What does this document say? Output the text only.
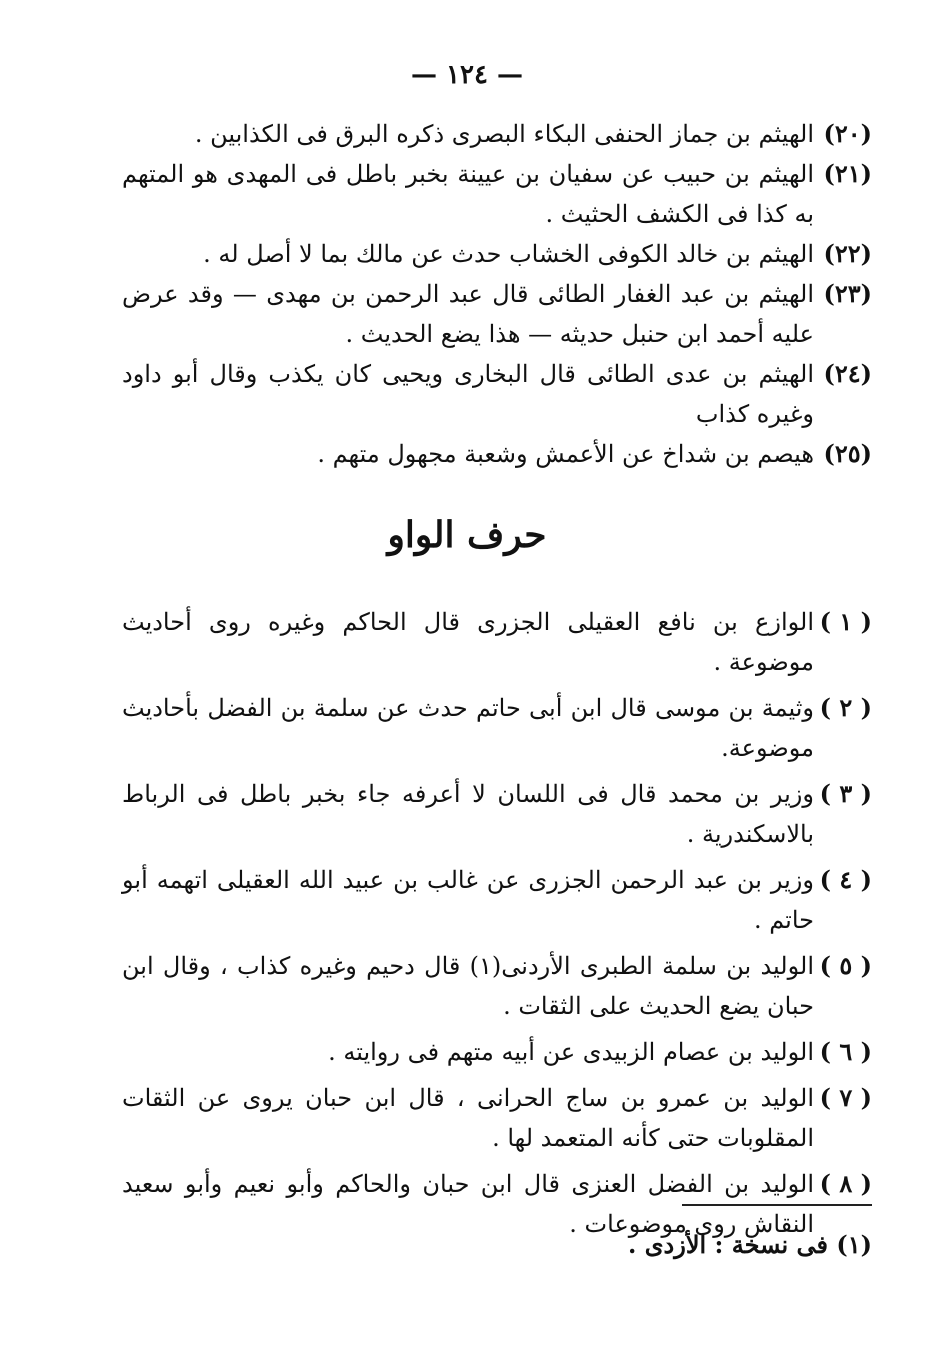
— ١٢٤ —

(٢٠)
الهيثم بن جماز الحنفى البكاء البصرى ذكره البرق فى الكذابين .

(٢١)
الهيثم بن حبيب عن سفيان بن عيينة بخبر باطل فى المهدى هو المتهم به كذا فى الكشف الحثيث .

(٢٢)
الهيثم بن خالد الكوفى الخشاب حدث عن مالك بما لا أصل له .

(٢٣)
الهيثم بن عبد الغفار الطائى قال عبد الرحمن بن مهدى — وقد عرض عليه أحمد ابن حنبل حديثه — هذا يضع الحديث .

(٢٤)
الهيثم بن عدى الطائى قال البخارى ويحيى كان يكذب وقال أبو داود وغيره كذاب

(٢٥)
هيصم بن شداخ عن الأعمش وشعبة مجهول متهم .

حرف الواو

( ١ )
الوازع بن نافع العقيلى الجزرى قال الحاكم وغيره روى أحاديث موضوعة .

( ٢ )
وثيمة بن موسى قال ابن أبى حاتم حدث عن سلمة بن الفضل بأحاديث موضوعة.

( ٣ )
وزير بن محمد قال فى اللسان لا أعرفه جاء بخبر باطل فى الرباط بالاسكندرية .

( ٤ )
وزير بن عبد الرحمن الجزرى عن غالب بن عبيد الله العقيلى اتهمه أبو حاتم .

( ٥ )
الوليد بن سلمة الطبرى الأردنى(١) قال دحيم وغيره كذاب ، وقال ابن حبان يضع الحديث على الثقات .

( ٦ )
الوليد بن عصام الزبيدى عن أبيه متهم فى روايته .

( ٧ )
الوليد بن عمرو بن ساج الحرانى ، قال ابن حبان يروى عن الثقات المقلوبات حتى كأنه المتعمد لها .

( ٨ )
الوليد بن الفضل العنزى قال ابن حبان والحاكم وأبو نعيم وأبو سعيد النقاش روى موضوعات .

(١) فى نسخة : الأزدى .
